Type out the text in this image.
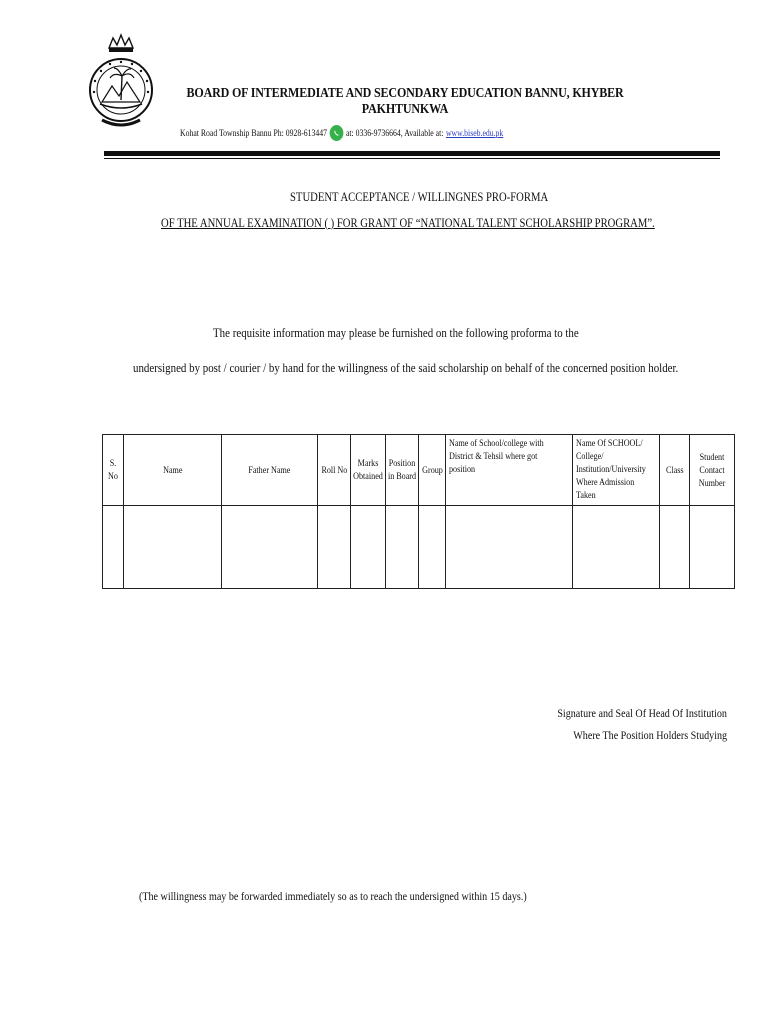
BOARD OF INTERMEDIATE AND SECONDARY EDUCATION BANNU, KHYBER PAKHTUNKWA
Kohat Road Township Bannu Ph: 0928-613447 at: 0336-9736664, Available at: www.biseb.edu.pk
STUDENT ACCEPTANCE / WILLINGNES PRO-FORMA
OF THE ANNUAL EXAMINATION ( ) FOR GRANT OF “NATIONAL TALENT SCHOLARSHIP PROGRAM”.
The requisite information may please be furnished on the following proforma to the
undersigned by post / courier / by hand for the willingness of the said scholarship on behalf of the concerned position holder.
S. No	Name	Father Name	Roll No	Marks Obtained	Position in Board	Group	Name of School/college with District & Tehsil where got position	Name Of SCHOOL/ College/ Institution/University Where Admission Taken	Class	Student Contact Number

Signature and Seal Of Head Of Institution
Where The Position Holders Studying
(The willingness may be forwarded immediately so as to reach the undersigned within 15 days.)
